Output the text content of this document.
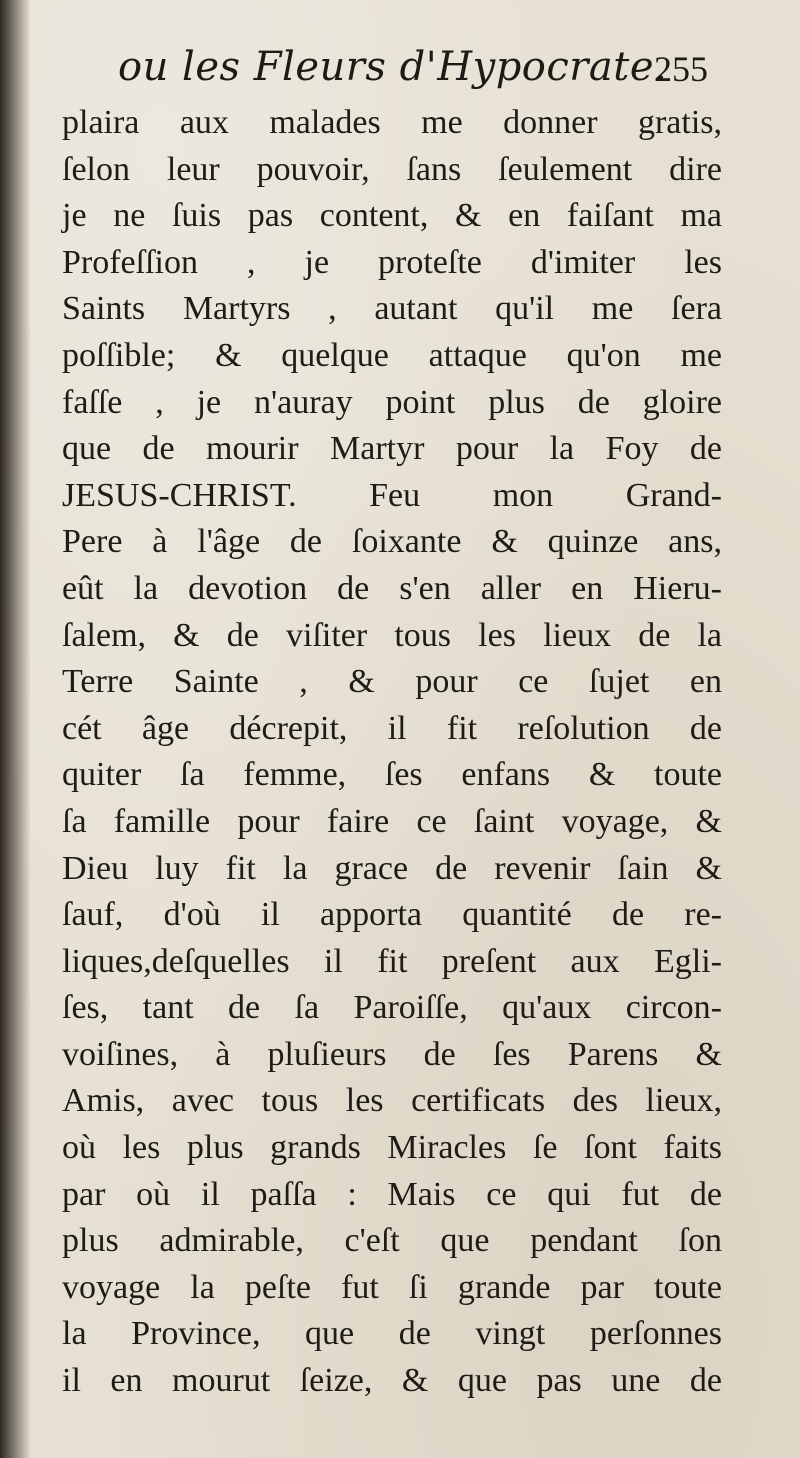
ou les Fleurs d'Hypocrate.
255
plaira aux malades me donner gratis,
ſelon leur pouvoir, ſans ſeulement dire
je ne ſuis pas content, & en faiſant ma
Profeſſion , je proteſte d'imiter les
Saints Martyrs , autant qu'il me ſera
poſſible; & quelque attaque qu'on me
faſſe , je n'auray point plus de gloire
que de mourir Martyr pour la Foy de
JESUS-CHRIST. Feu mon Grand-
Pere à l'âge de ſoixante & quinze ans,
eût la devotion de s'en aller en Hieru-
ſalem, & de viſiter tous les lieux de la
Terre Sainte , & pour ce ſujet en
cét âge décrepit, il fit reſolution de
quiter ſa femme, ſes enfans & toute
ſa famille pour faire ce ſaint voyage, &
Dieu luy fit la grace de revenir ſain &
ſauf, d'où il apporta quantité de re-
liques,deſquelles il fit preſent aux Egli-
ſes, tant de ſa Paroiſſe, qu'aux circon-
voiſines, à pluſieurs de ſes Parens &
Amis, avec tous les certificats des lieux,
où les plus grands Miracles ſe ſont faits
par où il paſſa : Mais ce qui fut de
plus admirable, c'eſt que pendant ſon
voyage la peſte fut ſi grande par toute
la Province, que de vingt perſonnes
il en mourut ſeize, & que pas une de
